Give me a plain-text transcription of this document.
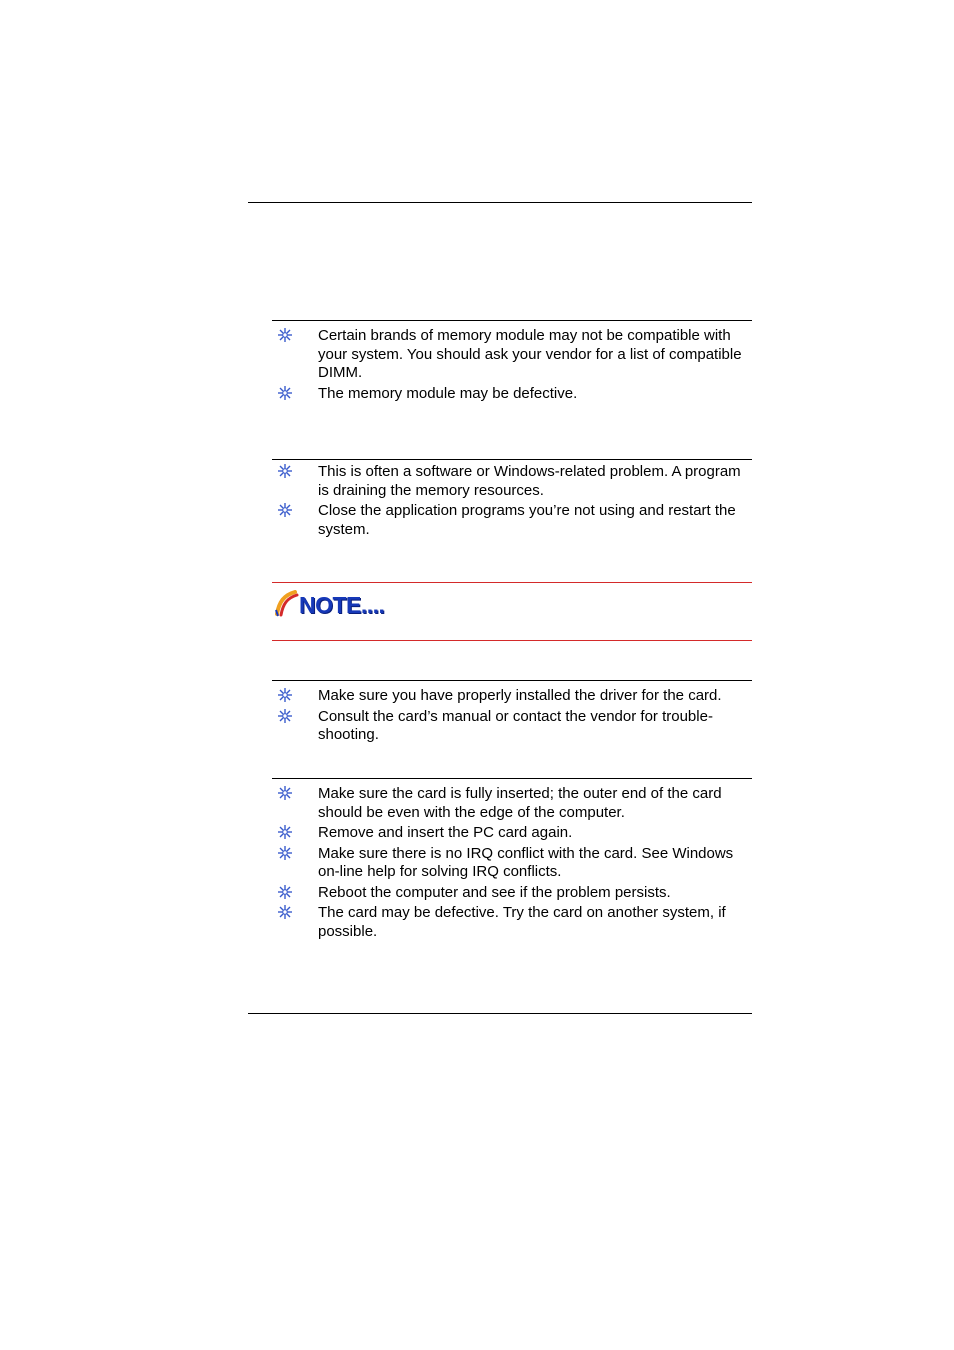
Certain brands of memory module may not be compatible with your system. You should ask your vendor for a list of compatible DIMM.
The memory module may be defective.
This is often a software or Windows-related problem. A program is draining the memory resources.
Close the application programs you’re not using and restart the system.
NOTE....
Make sure you have properly installed the driver for the card.
Consult the card’s manual or contact the vendor for trouble-shooting.
Make sure the card is fully inserted; the outer end of the card should be even with the edge of the computer.
Remove and insert the PC card again.
Make sure there is no IRQ conflict with the card. See Windows on-line help for solving IRQ conflicts.
Reboot the computer and see if the problem persists.
The card may be defective. Try the card on another system, if possible.
